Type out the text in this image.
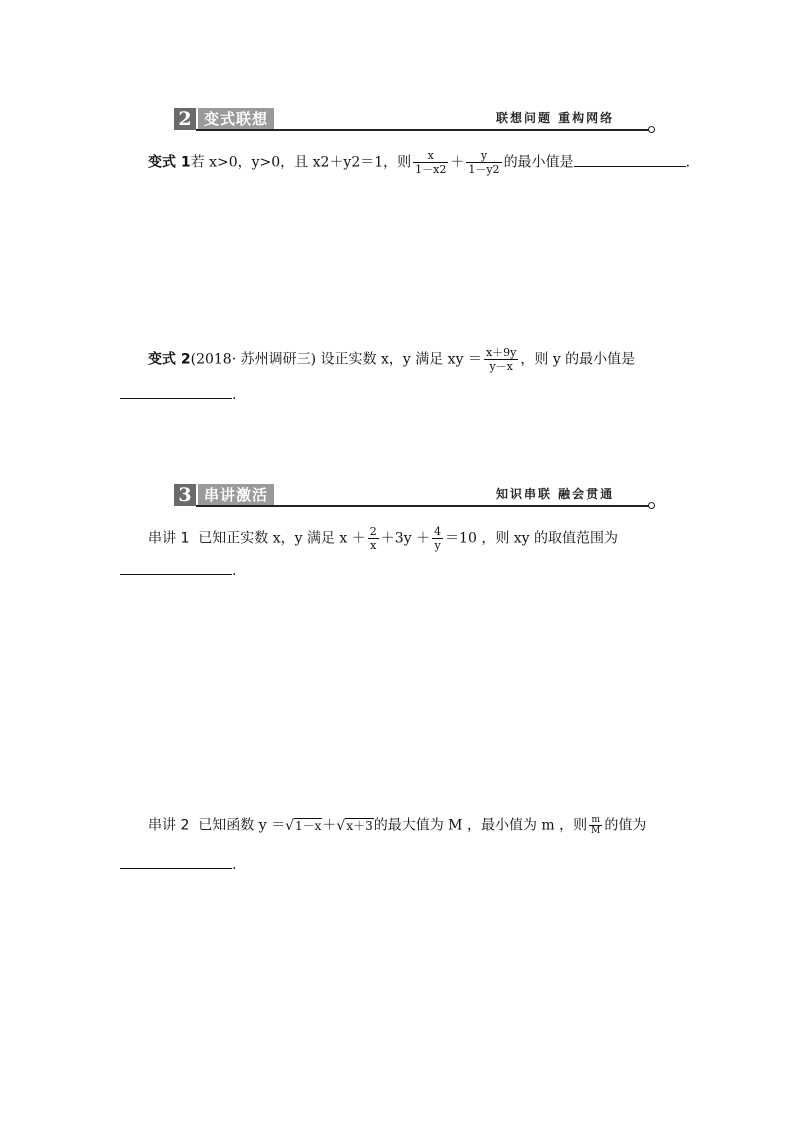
2 变式联想	联想问题 重构网络
变式 1若 x>0，y>0，且 x2＋y2＝1，则 $\frac{x}{1-x2} + \frac{y}{1-y2}$ 的最小值是	.
变式 2(2018· 苏州调研三) 设正实数 x，y 满足 xy ＝ $\frac{x+9y}{y-x}$ ，则 y 的最小值是
.
3 串讲激活	知识串联 融会贯通
串讲 1 已知正实数 x，y 满足 $x + \frac{2}{x} +3y + \frac{4}{y} =10$ ，则 xy 的取值范围为
.
串讲 2 已知函数 y ＝√1－x＋√x＋3的最大值为 M ，最小值为 m ，则 $\frac{m}{M}$ 的值为
.
